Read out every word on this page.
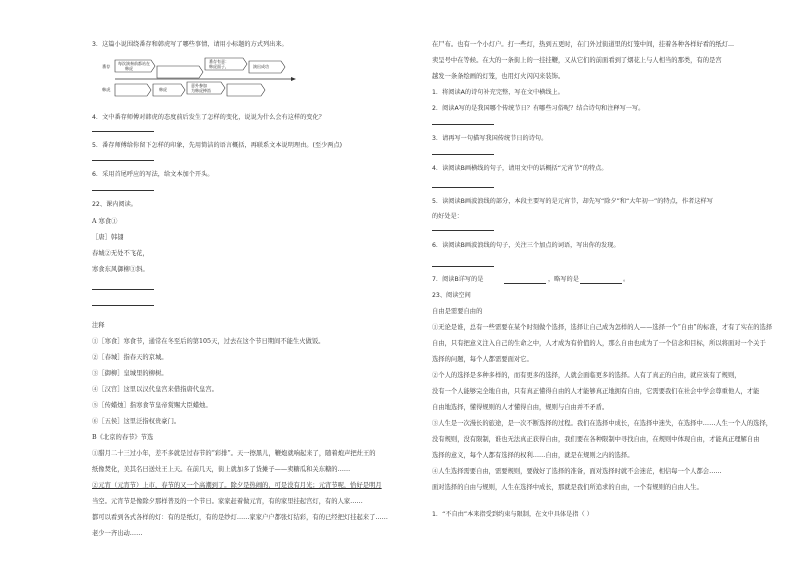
3．这篇小说围绕番存和韩虎写了哪些事情，请用小标题的方式列出来。
番存
韩虎
每次演奏前都站在
韩虎
番存有意：
韩虎面子，	演出成功
韩虎
意外参加
为韩虎捧笛
4．文中番存师傅对韩虎的态度前后发生了怎样的变化，说说为什么会有这样的变化？
5．番存师傅给你留下怎样的印象，先用简洁的语言概括，再联系文本说明理由。(至少两点)
6．采用首尾呼应的写法，给文本加个开头。
22、课内阅读。
A 寒食①
［唐］韩翃
春城②无处不飞花，
寒食东风御柳③斜。
注释
①［寒食］寒食节，通常在冬至后的第105天，过去在这个节日期间不能生火做饭。
②［春城］指春天的京城。
③［御柳］皇城里的柳树。
④［汉宫］这里以汉代皇宫来借指唐代皇宫。
⑤［传蜡烛］指寒食节皇帝赏赐大臣蜡烛。
⑥［五侯］这里泛指权贵豪门。
B《北京的春节》节选
①腊月二十三过小年，差不多就是过春节的“彩排”。天一擦黑儿，鞭炮就响起来了，随着炮声把灶王的
纸像焚化，美其名曰送灶王上天。在前几天，街上就加多了货摊子——卖糖瓜和关东糖的……
②元宵（元宵节）上市，春节的又一个高潮到了。除夕是热闹的，可是没有月光；元宵节呢，恰好是明月
当空。元宵节是像除夕那样普及的一个节日。家家赶着做元宵，有的家里挂起宫灯，有的人家……
都可以看到各式各样的灯：有的是纸灯，有的是纱灯……家家户户都张灯结彩，有的已经把灯挂起来了……
老少一齐出动……
在尸布。也有一个小灯户。打一些灯，热到五更时，在门外过街道里的灯笼中间，挂着各种各样好看的纸灯...
卖呈号中在等候。在大的一条街上的一挂挂鞭，又从它们的前面看到了烟花上与人相当的那类，有的是宫
越发一条条绘画的灯笼，也用灯火闪闪来装饰。
1．将阅读A的诗句补充完整，写在文中横线上。
2．阅读A写的是我国哪个传统节日？有哪些习俗呢？结合诗句和注释写一写。
3．请再写一句描写我国传统节日的诗句。
4．读阅读B画横线的句子，请用文中的话概括“元宵节”的特点。
5．读阅读B画波浪线的部分，本段主要写的是元宵节，却先写“除夕”和“大年初一”的特点，作者这样写
的好处是：
6．读阅读B画波浪线的句子，关注三个加点的词语，写出你的发现。
7．阅读B详写的是	，略写的是	。
23、阅读空间
自由是需要自由的
①无论是谁，总有一些需要在某个时刻做个选择，选择让自己成为怎样的人——选择一个“自由”的标准，才有了实在的选择
自由，只有把意义注入自己的生命之中，人才成为有价值的人，那么自由也成为了一个信念和目标，所以将面对一个关于
选择的问题，每个人都需要面对它。
②个人的选择是多种多样的，而有更多的选择，人就会面临更多的选择。人有了真正的自由，就应该有了规则，
没有一个人能够完全地自由，只有真正懂得自由的人才能够真正地拥有自由，它需要我们在社会中学会尊重他人，才能
自由地选择，懂得规则的人才懂得自由，规则与自由并不矛盾。
③人生是一次漫长的旅途，是一次不断选择的过程。我们在选择中成长，在选择中迷失，在选择中……人生一个人的选择，
没有规则，没有限制，谁也无法真正获得自由，我们要在各种限制中寻找自由，在规则中体现自由，才能真正理解自由
选择的意义，每个人都有选择的权利……自由，就是在规则之内的选择。
④人生选择需要自由，需要规则，要做好了选择的准备，面对选择时就不会迷茫，相信每一个人都会……
面对选择的自由与规则，人生在选择中成长，那就是我们所追求的自由，一个有规则的自由人生。
1．“不自由”本来指受到约束与限制，在文中具体是指（ ）
